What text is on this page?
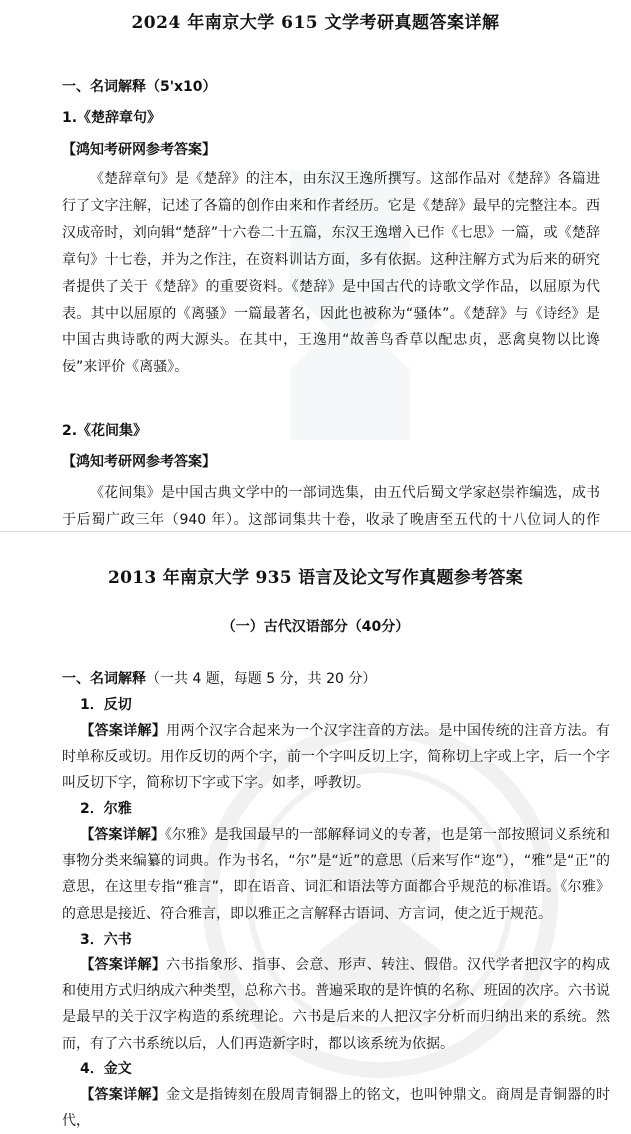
2024 年南京大学 615 文学考研真题答案详解
一、名词解释（5'x10）
1.《楚辞章句》
【鸿知考研网参考答案】

《楚辞章句》是《楚辞》的注本，由东汉王逸所撰写。这部作品对《楚辞》各篇进行了文字注解，记述了各篇的创作由来和作者经历。它是《楚辞》最早的完整注本。西汉成帝时，刘向辑“楚辞”十六卷二十五篇，东汉王逸增入已作《七思》一篇，或《楚辞章句》十七卷，并为之作注，在资料训诂方面，多有依据。这种注解方式为后来的研究者提供了关于《楚辞》的重要资料。《楚辞》是中国古代的诗歌文学作品，以屈原为代表。其中以屈原的《离骚》一篇最著名，因此也被称为“骚体”。《楚辞》与《诗经》是中国古典诗歌的两大源头。在其中，王逸用“故善鸟香草以配忠贞，恶禽臭物以比谗佞”来评价《离骚》。

2.《花间集》
【鸿知考研网参考答案】

《花间集》是中国古典文学中的一部词选集，由五代后蜀文学家赵崇祚编选，成书于后蜀广政三年（940 年）。这部词集共十卷，收录了晚唐至五代的十八位词人的作

2013 年南京大学 935 语言及论文写作真题参考答案
（一）古代汉语部分（40分）
一、名词解释（一共 4 题，每题 5 分，共 20 分）
1．反切

【答案详解】用两个汉字合起来为一个汉字注音的方法。是中国传统的注音方法。有时单称反或切。用作反切的两个字，前一个字叫反切上字，简称切上字或上字，后一个字叫反切下字，简称切下字或下字。如孝，呼教切。

2．尔雅

【答案详解】《尔雅》是我国最早的一部解释词义的专著，也是第一部按照词义系统和事物分类来编纂的词典。作为书名，“尔”是“近”的意思（后来写作“迩”），“雅”是“正”的意思，在这里专指“雅言”，即在语音、词汇和语法等方面都合乎规范的标准语。《尔雅》的意思是接近、符合雅言，即以雅正之言解释古语词、方言词，使之近于规范。

3．六书

【答案详解】六书指象形、指事、会意、形声、转注、假借。汉代学者把汉字的构成和使用方式归纳成六种类型，总称六书。普遍采取的是许慎的名称、班固的次序。六书说是最早的关于汉字构造的系统理论。六书是后来的人把汉字分析而归纳出来的系统。然而，有了六书系统以后，人们再造新字时，都以该系统为依据。

4．金文

【答案详解】金文是指铸刻在殷周青铜器上的铭文，也叫钟鼎文。商周是青铜器的时代，
